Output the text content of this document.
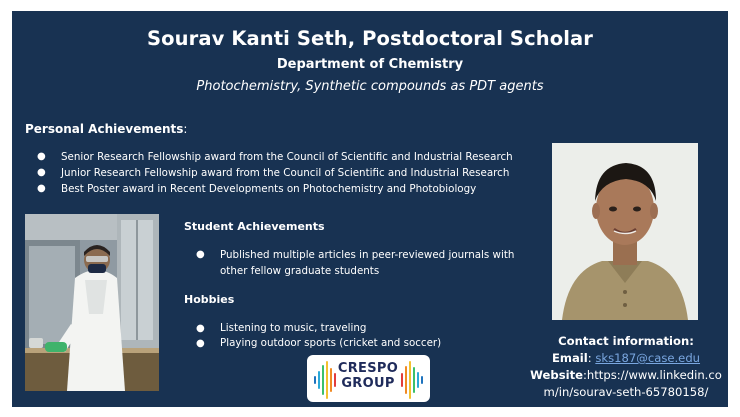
Sourav Kanti Seth, Postdoctoral Scholar
Department of Chemistry
Photochemistry, Synthetic compounds as PDT agents
Personal Achievements:
● Senior Research Fellowship award from the Council of Scientific and Industrial Research
● Junior Research Fellowship award from the Council of Scientific and Industrial Research
● Best Poster award in Recent Developments on Photochemistry and Photobiology
Student Achievements
● Published multiple articles in peer-reviewed journals with other fellow graduate students
Hobbies
● Listening to music, traveling
● Playing outdoor sports (cricket and soccer)	Contact information:
Email: sks187@case.edu
Website:https://www.linkedin.co
m/in/sourav-seth-65780158/
CRESPO
GROUP
